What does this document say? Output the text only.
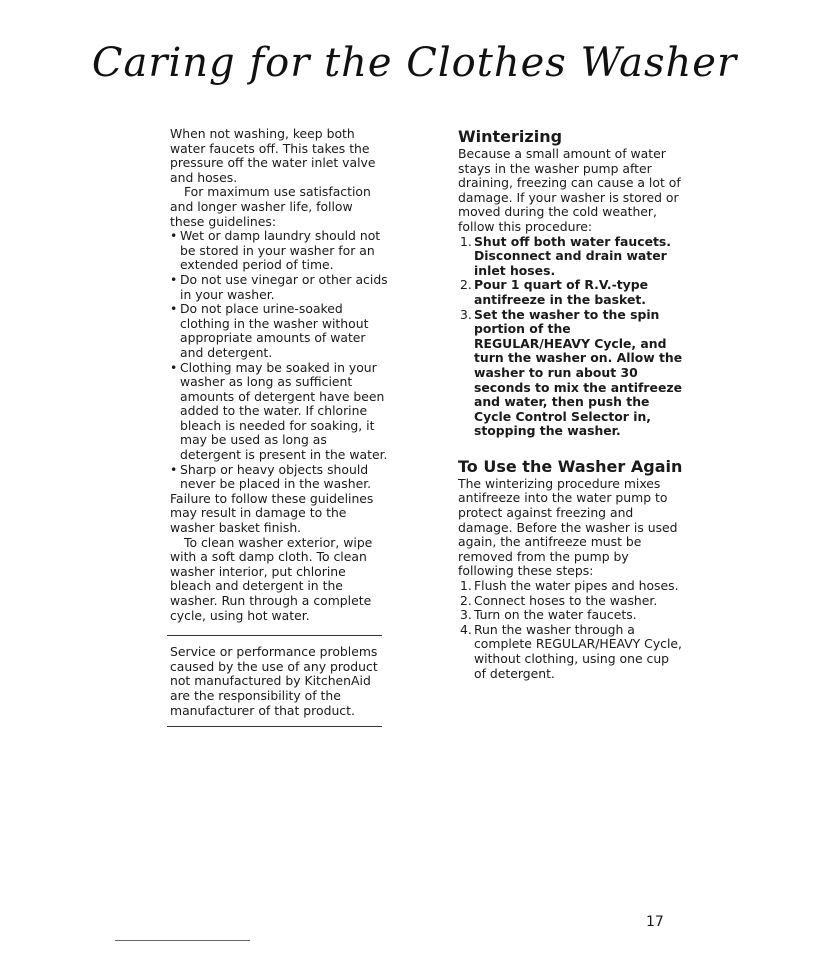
Caring for the Clothes Washer

When not washing, keep both water faucets off. This takes the pressure off the water inlet valve and hoses.

For maximum use satisfaction and longer washer life, follow these guidelines:

• Wet or damp laundry should not be stored in your washer for an extended period of time.
• Do not use vinegar or other acids in your washer.
• Do not place urine-soaked clothing in the washer without appropriate amounts of water and detergent.
• Clothing may be soaked in your washer as long as sufficient amounts of detergent have been added to the water. If chlorine bleach is needed for soaking, it may be used as long as detergent is present in the water.
• Sharp or heavy objects should never be placed in the washer.

Failure to follow these guidelines may result in damage to the washer basket finish.

To clean washer exterior, wipe with a soft damp cloth. To clean washer interior, put chlorine bleach and detergent in the washer. Run through a complete cycle, using hot water.

Service or performance problems caused by the use of any product not manufactured by KitchenAid are the responsibility of the manufacturer of that product.

Winterizing

Because a small amount of water stays in the washer pump after draining, freezing can cause a lot of damage. If your washer is stored or moved during the cold weather, follow this procedure:

1. Shut off both water faucets. Disconnect and drain water inlet hoses.
2. Pour 1 quart of R.V.-type antifreeze in the basket.
3. Set the washer to the spin portion of the REGULAR/HEAVY Cycle, and turn the washer on. Allow the washer to run about 30 seconds to mix the antifreeze and water, then push the Cycle Control Selector in, stopping the washer.
To Use the Washer Again

The winterizing procedure mixes antifreeze into the water pump to protect against freezing and damage. Before the washer is used again, the antifreeze must be removed from the pump by following these steps:

1. Flush the water pipes and hoses.
2. Connect hoses to the washer.
3. Turn on the water faucets.
4. Run the washer through a complete REGULAR/HEAVY Cycle, without clothing, using one cup of detergent.
17
